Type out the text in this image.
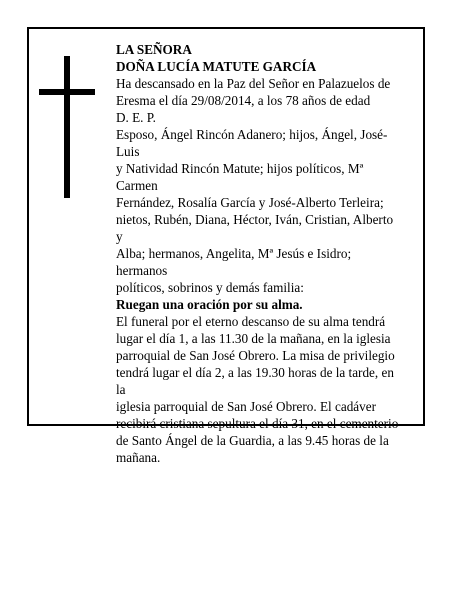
LA SEÑORA

DOÑA LUCÍA MATUTE GARCÍA

Ha descansado en la Paz del Señor en Palazuelos de
Eresma el día 29/08/2014, a los 78 años de edad

D. E. P.

Esposo, Ángel Rincón Adanero; hijos, Ángel, José-Luis
y Natividad Rincón Matute; hijos políticos, Mª Carmen
Fernández, Rosalía García y José-Alberto Terleira;
nietos, Rubén, Diana, Héctor, Iván, Cristian, Alberto y
Alba; hermanos, Angelita, Mª Jesús e Isidro; hermanos
políticos, sobrinos y demás familia:

Ruegan una oración por su alma.

El funeral por el eterno descanso de su alma tendrá
lugar el día 1, a las 11.30 de la mañana, en la iglesia
parroquial de San José Obrero. La misa de privilegio
tendrá lugar el día 2, a las 19.30 horas de la tarde, en la
iglesia parroquial de San José Obrero. El cadáver
recibirá cristiana sepultura el día 31, en el cementerio
de Santo Ángel de la Guardia, a las 9.45 horas de la
mañana.
